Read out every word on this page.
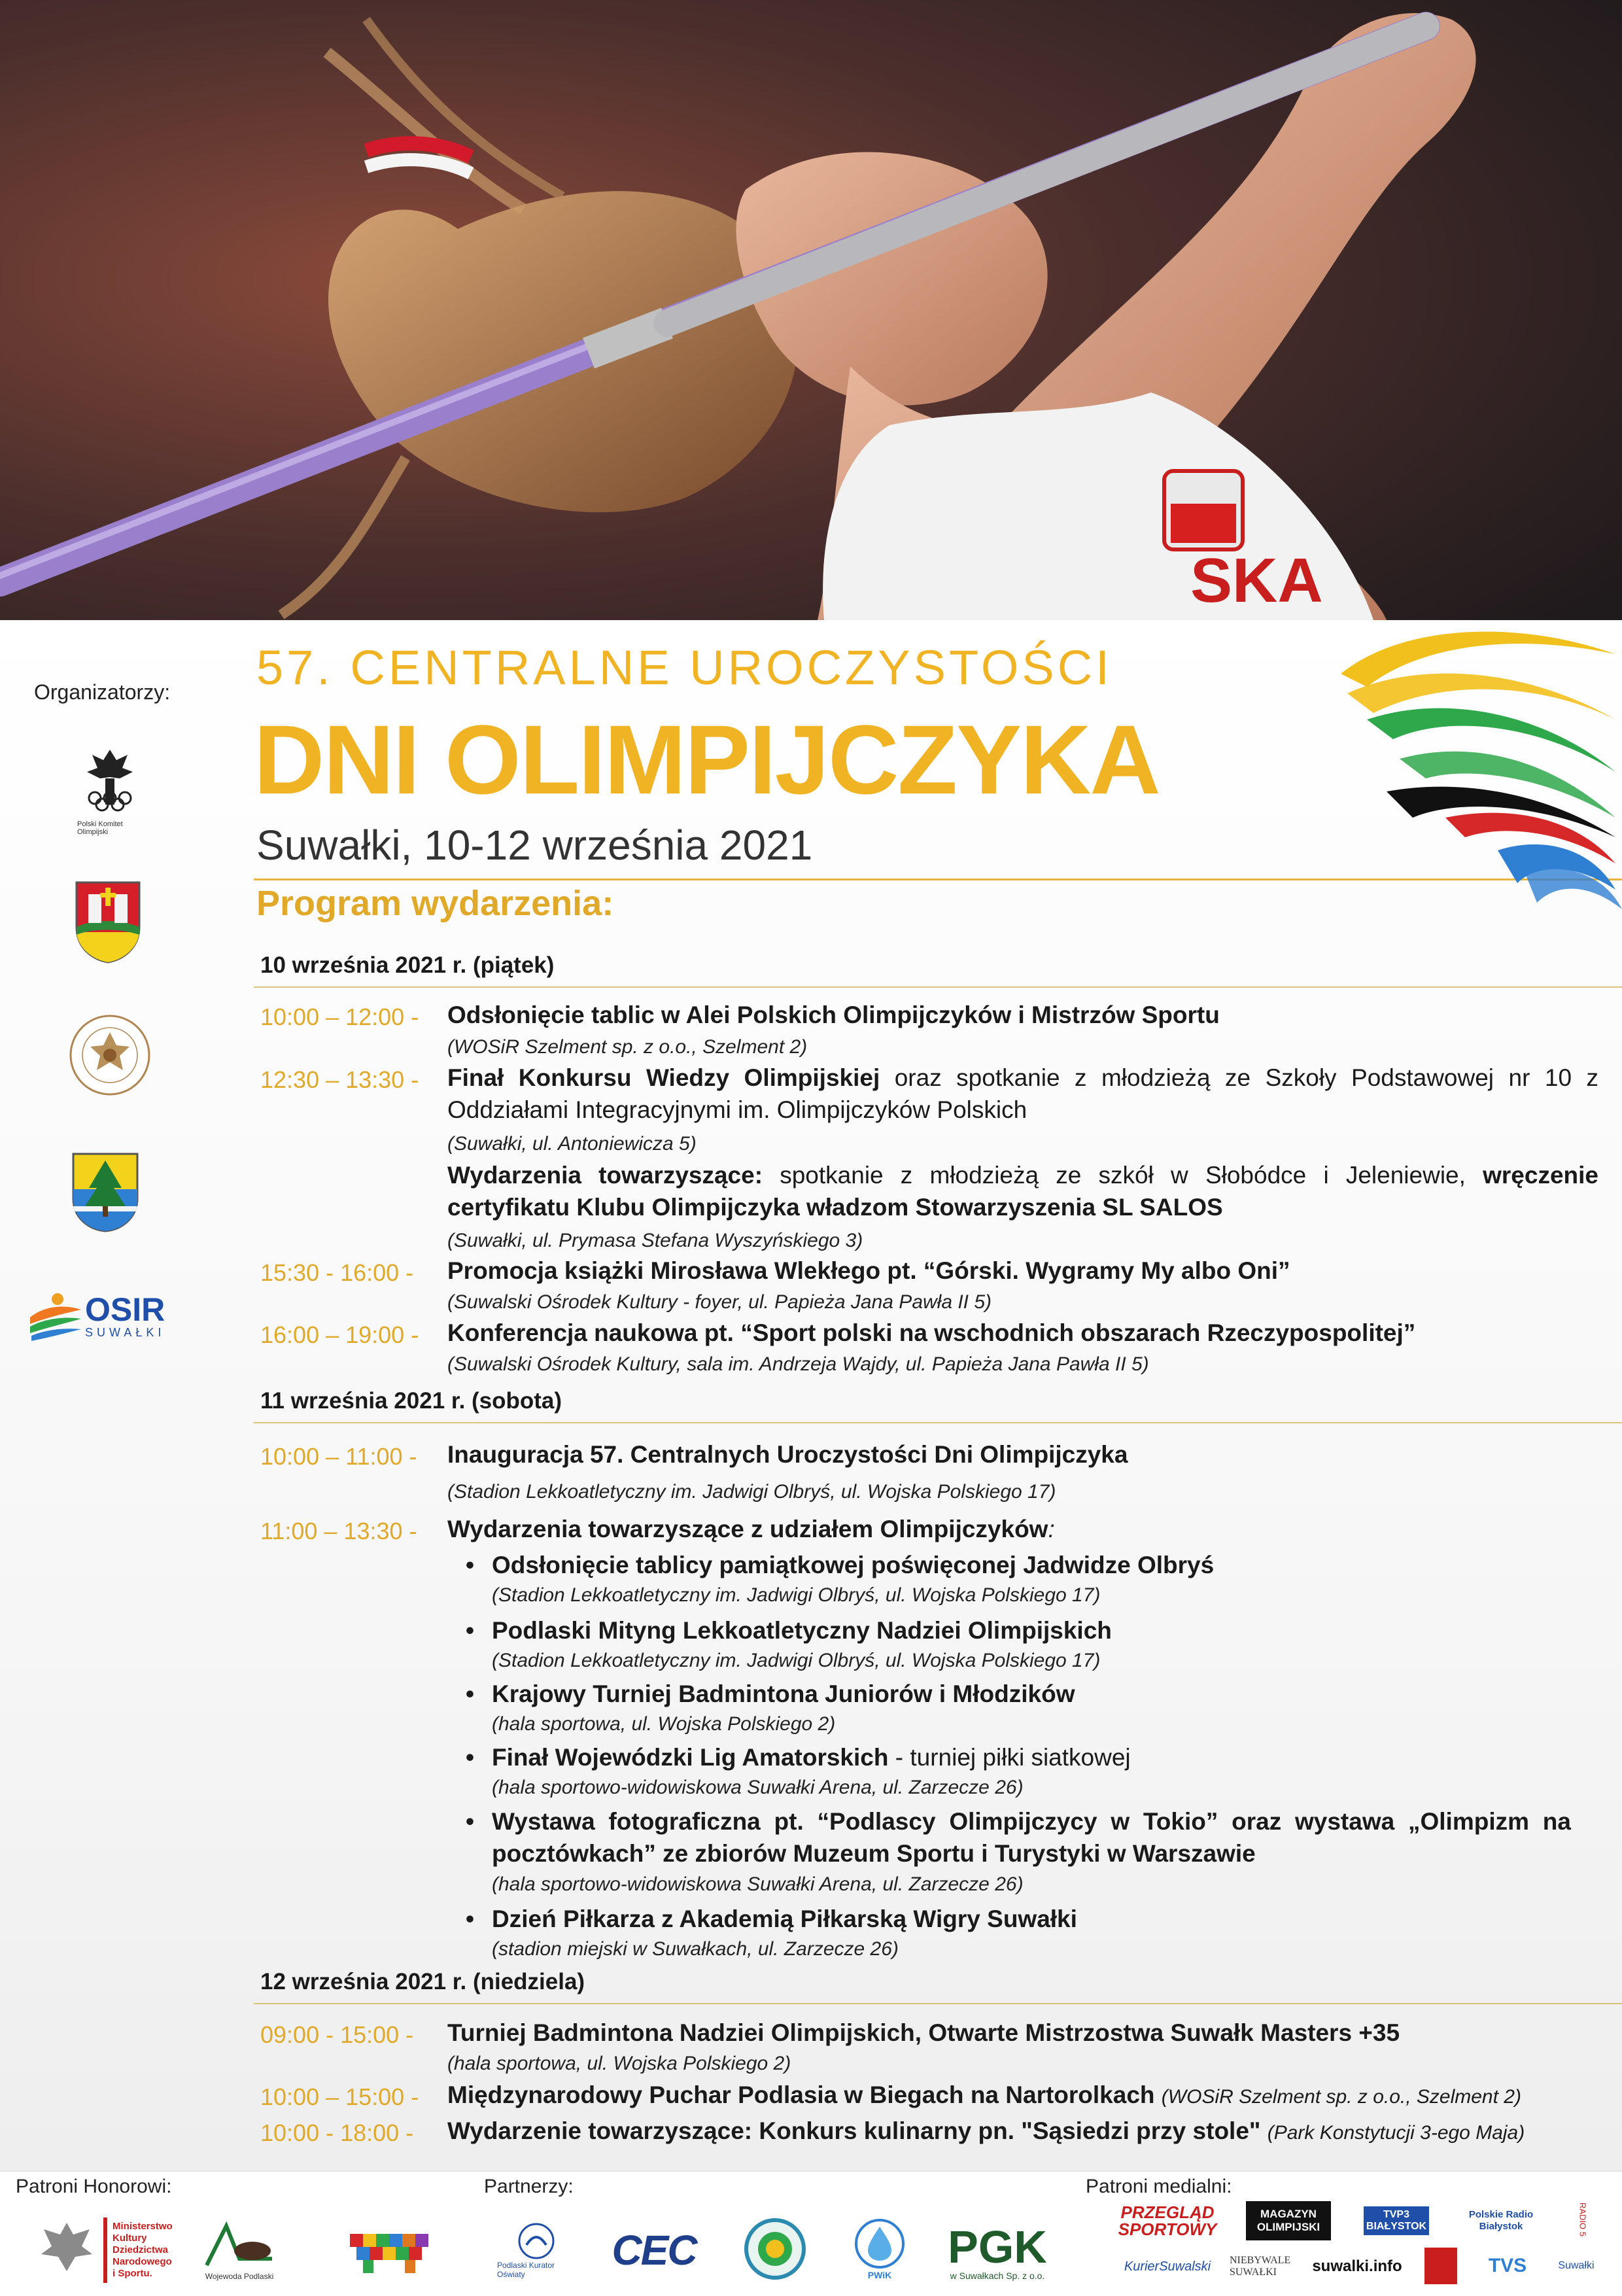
SKA
Organizatorzy:
Polski Komitet Olimpijski
OSIR
SUWAŁKI
57. CENTRALNE UROCZYSTOŚCI
DNI OLIMPIJCZYKA
Suwałki, 10-12 września 2021
Program wydarzenia:
10 września 2021 r. (piątek)
10:00 – 12:00 - Odsłonięcie tablic w Alei Polskich Olimpijczyków i Mistrzów Sportu
(WOSiR Szelment sp. z o.o., Szelment 2)
12:30 – 13:30 - Finał Konkursu Wiedzy Olimpijskiej oraz spotkanie z młodzieżą ze Szkoły Podstawowej nr 10 z Oddziałami Integracyjnymi im. Olimpijczyków Polskich
(Suwałki, ul. Antoniewicza 5)
Wydarzenia towarzyszące: spotkanie z młodzieżą ze szkół w Słobódce i Jeleniewie, wręczenie certyfikatu Klubu Olimpijczyka władzom Stowarzyszenia SL SALOS
(Suwałki, ul. Prymasa Stefana Wyszyńskiego 3)
15:30 - 16:00 - Promocja książki Mirosława Wlekłego pt. “Górski. Wygramy My albo Oni”
(Suwalski Ośrodek Kultury - foyer, ul. Papieża Jana Pawła II 5)
16:00 – 19:00 - Konferencja naukowa pt. “Sport polski na wschodnich obszarach Rzeczypospolitej”
(Suwalski Ośrodek Kultury, sala im. Andrzeja Wajdy, ul. Papieża Jana Pawła II 5)
11 września 2021 r. (sobota)
10:00 – 11:00 - Inauguracja 57. Centralnych Uroczystości Dni Olimpijczyka
(Stadion Lekkoatletyczny im. Jadwigi Olbryś, ul. Wojska Polskiego 17)
11:00 – 13:30 - Wydarzenia towarzyszące z udziałem Olimpijczyków:
• Odsłonięcie tablicy pamiątkowej poświęconej Jadwidze Olbryś
(Stadion Lekkoatletyczny im. Jadwigi Olbryś, ul. Wojska Polskiego 17)
• Podlaski Mityng Lekkoatletyczny Nadziei Olimpijskich
(Stadion Lekkoatletyczny im. Jadwigi Olbryś, ul. Wojska Polskiego 17)
• Krajowy Turniej Badmintona Juniorów i Młodzików
(hala sportowa, ul. Wojska Polskiego 2)
• Finał Wojewódzki Lig Amatorskich - turniej piłki siatkowej
(hala sportowo-widowiskowa Suwałki Arena, ul. Zarzecze 26)
• Wystawa fotograficzna pt. “Podlascy Olimpijczycy w Tokio” oraz wystawa „Olimpizm na pocztówkach” ze zbiorów Muzeum Sportu i Turystyki w Warszawie
(hala sportowo-widowiskowa Suwałki Arena, ul. Zarzecze 26)
• Dzień Piłkarza z Akademią Piłkarską Wigry Suwałki
(stadion miejski w Suwałkach, ul. Zarzecze 26)
12 września 2021 r. (niedziela)
09:00 - 15:00 - Turniej Badmintona Nadziei Olimpijskich, Otwarte Mistrzostwa Suwałk Masters +35
(hala sportowa, ul. Wojska Polskiego 2)
10:00 – 15:00 - Międzynarodowy Puchar Podlasia w Biegach na Nartorolkach (WOSiR Szelment sp. z o.o., Szelment 2)
10:00 - 18:00 - Wydarzenie towarzyszące: Konkurs kulinarny pn. "Sąsiedzi przy stole" (Park Konstytucji 3-ego Maja)
Patroni Honorowi:	Partnerzy:	Patroni medialni:
Ministerstwo
Kultury
Dziedzictwa
Narodowego
i Sportu.	Wojewoda Podlaski
Podlaski Kurator Oświaty
CEC
PWiK
PGK
w Suwałkach Sp. z o.o.
PRZEGLĄD SPORTOWY
MAGAZYN OLIMPIJSKI
TVP3 BIAŁYSTOK
Polskie Radio Białystok	RADIO 5
KurierSuwalski NIEBYWALE SUWAŁKI	suwalki.info	TVS	Suwałki
